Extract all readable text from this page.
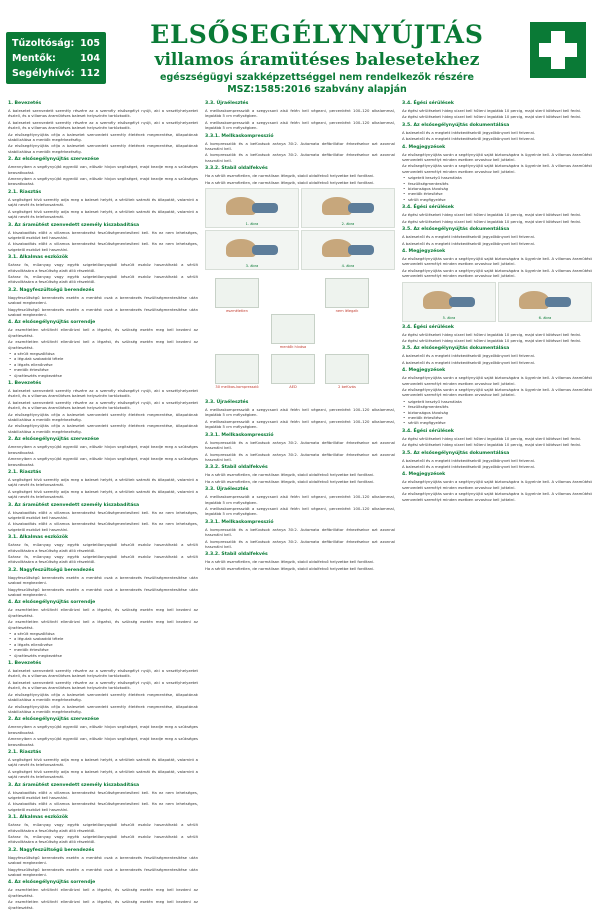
Tűzoltóság: 105
Mentők:	104
Segélyhívó: 112
ELSŐSEGÉLYNYÚJTÁS
villamos áramütéses balesetekhez
egészségügyi szakképzettséggel nem rendelkezők részére
MSZ:1585:2016 szabvány alapján
1. Bevezetés
A balesetet szenvedett személy részére az a személy elsősegélyt nyújt, aki a veszélyhelyzetet észleli, és a villamos áramütéses baleset helyszínén tartózkodik.
A balesetet szenvedett személy részére az a személy elsősegélyt nyújt, aki a veszélyhelyzetet észleli, és a villamos áramütéses baleset helyszínén tartózkodik.
Az elsősegélynyújtás célja a balesetet szenvedett személy életének megmentése, állapotának stabilizálása a mentők megérkezéséig.
Az elsősegélynyújtás célja a balesetet szenvedett személy életének megmentése, állapotának stabilizálása a mentők megérkezéséig.
2. Az elsősegélynyújtás szervezése
Amennyiben a segélynyújtó egyedül van, először hívjon segítséget, majd kezdje meg a szükséges beavatkozást.
Amennyiben a segélynyújtó egyedül van, először hívjon segítséget, majd kezdje meg a szükséges beavatkozást.
2.1. Riasztás
A segítséget hívó személy adja meg a baleset helyét, a sérültek számát és állapotát, valamint a saját nevét és telefonszámát.
A segítséget hívó személy adja meg a baleset helyét, a sérültek számát és állapotát, valamint a saját nevét és telefonszámát.
3. Az áramütést szenvedett személy kiszabadítása
A kiszabadítás előtt a villamos berendezést feszültségmentesíteni kell. Ha ez nem lehetséges, szigetelő eszközt kell használni.
A kiszabadítás előtt a villamos berendezést feszültségmentesíteni kell. Ha ez nem lehetséges, szigetelő eszközt kell használni.
3.1. Alkalmas eszközök
Száraz fa, műanyag vagy egyéb szigetelőanyagból készült eszköz használható a sérült eltávolítására a feszültség alatt álló részektől.
Száraz fa, műanyag vagy egyéb szigetelőanyagból készült eszköz használható a sérült eltávolítására a feszültség alatt álló részektől.
3.2. Nagyfeszültségű berendezés
Nagyfeszültségű berendezés esetén a mentést csak a berendezés feszültségmentesítése után szabad megkezdeni.
Nagyfeszültségű berendezés esetén a mentést csak a berendezés feszültségmentesítése után szabad megkezdeni.
4. Az elsősegélynyújtás sorrendje
Az eszméletlen sérültnél ellenőrizni kell a légzést, és szükség esetén meg kell kezdeni az újraélesztést.
Az eszméletlen sérültnél ellenőrizni kell a légzést, és szükség esetén meg kell kezdeni az újraélesztést.
• a sérült megszólítása
• a légutak szabaddá tétele
• a légzés ellenőrzése
• mentők értesítése
• újraélesztés megkezdése
1. Bevezetés
A balesetet szenvedett személy részére az a személy elsősegélyt nyújt, aki a veszélyhelyzetet észleli, és a villamos áramütéses baleset helyszínén tartózkodik.
A balesetet szenvedett személy részére az a személy elsősegélyt nyújt, aki a veszélyhelyzetet észleli, és a villamos áramütéses baleset helyszínén tartózkodik.
Az elsősegélynyújtás célja a balesetet szenvedett személy életének megmentése, állapotának stabilizálása a mentők megérkezéséig.
Az elsősegélynyújtás célja a balesetet szenvedett személy életének megmentése, állapotának stabilizálása a mentők megérkezéséig.
2. Az elsősegélynyújtás szervezése
Amennyiben a segélynyújtó egyedül van, először hívjon segítséget, majd kezdje meg a szükséges beavatkozást.
Amennyiben a segélynyújtó egyedül van, először hívjon segítséget, majd kezdje meg a szükséges beavatkozást.
2.1. Riasztás
A segítséget hívó személy adja meg a baleset helyét, a sérültek számát és állapotát, valamint a saját nevét és telefonszámát.
A segítséget hívó személy adja meg a baleset helyét, a sérültek számát és állapotát, valamint a saját nevét és telefonszámát.
3. Az áramütést szenvedett személy kiszabadítása
A kiszabadítás előtt a villamos berendezést feszültségmentesíteni kell. Ha ez nem lehetséges, szigetelő eszközt kell használni.
A kiszabadítás előtt a villamos berendezést feszültségmentesíteni kell. Ha ez nem lehetséges, szigetelő eszközt kell használni.
3.1. Alkalmas eszközök
Száraz fa, műanyag vagy egyéb szigetelőanyagból készült eszköz használható a sérült eltávolítására a feszültség alatt álló részektől.
Száraz fa, műanyag vagy egyéb szigetelőanyagból készült eszköz használható a sérült eltávolítására a feszültség alatt álló részektől.
3.2. Nagyfeszültségű berendezés
Nagyfeszültségű berendezés esetén a mentést csak a berendezés feszültségmentesítése után szabad megkezdeni.
Nagyfeszültségű berendezés esetén a mentést csak a berendezés feszültségmentesítése után szabad megkezdeni.
4. Az elsősegélynyújtás sorrendje
Az eszméletlen sérültnél ellenőrizni kell a légzést, és szükség esetén meg kell kezdeni az újraélesztést.
Az eszméletlen sérültnél ellenőrizni kell a légzést, és szükség esetén meg kell kezdeni az újraélesztést.
• a sérült megszólítása
• a légutak szabaddá tétele
• a légzés ellenőrzése
• mentők értesítése
• újraélesztés megkezdése
1. Bevezetés
A balesetet szenvedett személy részére az a személy elsősegélyt nyújt, aki a veszélyhelyzetet észleli, és a villamos áramütéses baleset helyszínén tartózkodik.
A balesetet szenvedett személy részére az a személy elsősegélyt nyújt, aki a veszélyhelyzetet észleli, és a villamos áramütéses baleset helyszínén tartózkodik.
Az elsősegélynyújtás célja a balesetet szenvedett személy életének megmentése, állapotának stabilizálása a mentők megérkezéséig.
Az elsősegélynyújtás célja a balesetet szenvedett személy életének megmentése, állapotának stabilizálása a mentők megérkezéséig.
2. Az elsősegélynyújtás szervezése
Amennyiben a segélynyújtó egyedül van, először hívjon segítséget, majd kezdje meg a szükséges beavatkozást.
Amennyiben a segélynyújtó egyedül van, először hívjon segítséget, majd kezdje meg a szükséges beavatkozást.
2.1. Riasztás
A segítséget hívó személy adja meg a baleset helyét, a sérültek számát és állapotát, valamint a saját nevét és telefonszámát.
A segítséget hívó személy adja meg a baleset helyét, a sérültek számát és állapotát, valamint a saját nevét és telefonszámát.
3. Az áramütést szenvedett személy kiszabadítása
A kiszabadítás előtt a villamos berendezést feszültségmentesíteni kell. Ha ez nem lehetséges, szigetelő eszközt kell használni.
A kiszabadítás előtt a villamos berendezést feszültségmentesíteni kell. Ha ez nem lehetséges, szigetelő eszközt kell használni.
3.1. Alkalmas eszközök
Száraz fa, műanyag vagy egyéb szigetelőanyagból készült eszköz használható a sérült eltávolítására a feszültség alatt álló részektől.
Száraz fa, műanyag vagy egyéb szigetelőanyagból készült eszköz használható a sérült eltávolítására a feszültség alatt álló részektől.
3.2. Nagyfeszültségű berendezés
Nagyfeszültségű berendezés esetén a mentést csak a berendezés feszültségmentesítése után szabad megkezdeni.
Nagyfeszültségű berendezés esetén a mentést csak a berendezés feszültségmentesítése után szabad megkezdeni.
4. Az elsősegélynyújtás sorrendje
Az eszméletlen sérültnél ellenőrizni kell a légzést, és szükség esetén meg kell kezdeni az újraélesztést.
Az eszméletlen sérültnél ellenőrizni kell a légzést, és szükség esetén meg kell kezdeni az újraélesztést.
3.3. Újraélesztés
A mellkaskompressziót a szegycsont alsó felén kell végezni, percenként 100–120 alkalommal, legalább 5 cm mélységben.
A mellkaskompressziót a szegycsont alsó felén kell végezni, percenként 100–120 alkalommal, legalább 5 cm mélységben.
3.3.1. Mellkaskompresszió
A kompressziók és a befúvások aránya 30:2. Automata defibrillátor érkezésekor azt azonnal használni kell.
A kompressziók és a befúvások aránya 30:2. Automata defibrillátor érkezésekor azt azonnal használni kell.
3.3.2. Stabil oldalfekvés
Ha a sérült eszméletlen, de normálisan lélegzik, stabil oldalfekvő helyzetbe kell fordítani.
Ha a sérült eszméletlen, de normálisan lélegzik, stabil oldalfekvő helyzetbe kell fordítani.
1. ábra	2. ábra
3. ábra	4. ábra
eszméletlen	nem lélegzik
mentők hívása
30 mellkas-kompresszió	2 befúvás
AED
3.3. Újraélesztés
A mellkaskompressziót a szegycsont alsó felén kell végezni, percenként 100–120 alkalommal, legalább 5 cm mélységben.
A mellkaskompressziót a szegycsont alsó felén kell végezni, percenként 100–120 alkalommal, legalább 5 cm mélységben.
3.3.1. Mellkaskompresszió
A kompressziók és a befúvások aránya 30:2. Automata defibrillátor érkezésekor azt azonnal használni kell.
A kompressziók és a befúvások aránya 30:2. Automata defibrillátor érkezésekor azt azonnal használni kell.
3.3.2. Stabil oldalfekvés
Ha a sérült eszméletlen, de normálisan lélegzik, stabil oldalfekvő helyzetbe kell fordítani.
Ha a sérült eszméletlen, de normálisan lélegzik, stabil oldalfekvő helyzetbe kell fordítani.
3.3. Újraélesztés
A mellkaskompressziót a szegycsont alsó felén kell végezni, percenként 100–120 alkalommal, legalább 5 cm mélységben.
A mellkaskompressziót a szegycsont alsó felén kell végezni, percenként 100–120 alkalommal, legalább 5 cm mélységben.
3.3.1. Mellkaskompresszió
A kompressziók és a befúvások aránya 30:2. Automata defibrillátor érkezésekor azt azonnal használni kell.
A kompressziók és a befúvások aránya 30:2. Automata defibrillátor érkezésekor azt azonnal használni kell.
3.3.2. Stabil oldalfekvés
Ha a sérült eszméletlen, de normálisan lélegzik, stabil oldalfekvő helyzetbe kell fordítani.
Ha a sérült eszméletlen, de normálisan lélegzik, stabil oldalfekvő helyzetbe kell fordítani.
3.4. Égési sérülések
Az égési sérüléseket hideg vízzel kell hűteni legalább 10 percig, majd steril kötéssel kell fedni.
Az égési sérüléseket hideg vízzel kell hűteni legalább 10 percig, majd steril kötéssel kell fedni.
3.5. Az elsősegélynyújtás dokumentálása
A balesetről és a megtett intézkedésekről jegyzőkönyvet kell felvenni.
A balesetről és a megtett intézkedésekről jegyzőkönyvet kell felvenni.
4. Megjegyzések
Az elsősegélynyújtás során a segélynyújtó saját biztonságára is ügyelnie kell. A villamos áramütést szenvedett személyt minden esetben orvoshoz kell juttatni.
Az elsősegélynyújtás során a segélynyújtó saját biztonságára is ügyelnie kell. A villamos áramütést szenvedett személyt minden esetben orvoshoz kell juttatni.
• szigetelt kesztyű használata
• feszültségmentesítés
• biztonságos távolság
• mentők értesítése
• sérült megfigyelése
3.4. Égési sérülések
Az égési sérüléseket hideg vízzel kell hűteni legalább 10 percig, majd steril kötéssel kell fedni.
Az égési sérüléseket hideg vízzel kell hűteni legalább 10 percig, majd steril kötéssel kell fedni.
3.5. Az elsősegélynyújtás dokumentálása
A balesetről és a megtett intézkedésekről jegyzőkönyvet kell felvenni.
A balesetről és a megtett intézkedésekről jegyzőkönyvet kell felvenni.
4. Megjegyzések
Az elsősegélynyújtás során a segélynyújtó saját biztonságára is ügyelnie kell. A villamos áramütést szenvedett személyt minden esetben orvoshoz kell juttatni.
Az elsősegélynyújtás során a segélynyújtó saját biztonságára is ügyelnie kell. A villamos áramütést szenvedett személyt minden esetben orvoshoz kell juttatni.
5. ábra	6. ábra
3.4. Égési sérülések
Az égési sérüléseket hideg vízzel kell hűteni legalább 10 percig, majd steril kötéssel kell fedni.
Az égési sérüléseket hideg vízzel kell hűteni legalább 10 percig, majd steril kötéssel kell fedni.
3.5. Az elsősegélynyújtás dokumentálása
A balesetről és a megtett intézkedésekről jegyzőkönyvet kell felvenni.
A balesetről és a megtett intézkedésekről jegyzőkönyvet kell felvenni.
4. Megjegyzések
Az elsősegélynyújtás során a segélynyújtó saját biztonságára is ügyelnie kell. A villamos áramütést szenvedett személyt minden esetben orvoshoz kell juttatni.
Az elsősegélynyújtás során a segélynyújtó saját biztonságára is ügyelnie kell. A villamos áramütést szenvedett személyt minden esetben orvoshoz kell juttatni.
• szigetelt kesztyű használata
• feszültségmentesítés
• biztonságos távolság
• mentők értesítése
• sérült megfigyelése
3.4. Égési sérülések
Az égési sérüléseket hideg vízzel kell hűteni legalább 10 percig, majd steril kötéssel kell fedni.
Az égési sérüléseket hideg vízzel kell hűteni legalább 10 percig, majd steril kötéssel kell fedni.
3.5. Az elsősegélynyújtás dokumentálása
A balesetről és a megtett intézkedésekről jegyzőkönyvet kell felvenni.
A balesetről és a megtett intézkedésekről jegyzőkönyvet kell felvenni.
4. Megjegyzések
Az elsősegélynyújtás során a segélynyújtó saját biztonságára is ügyelnie kell. A villamos áramütést szenvedett személyt minden esetben orvoshoz kell juttatni.
Az elsősegélynyújtás során a segélynyújtó saját biztonságára is ügyelnie kell. A villamos áramütést szenvedett személyt minden esetben orvoshoz kell juttatni.
